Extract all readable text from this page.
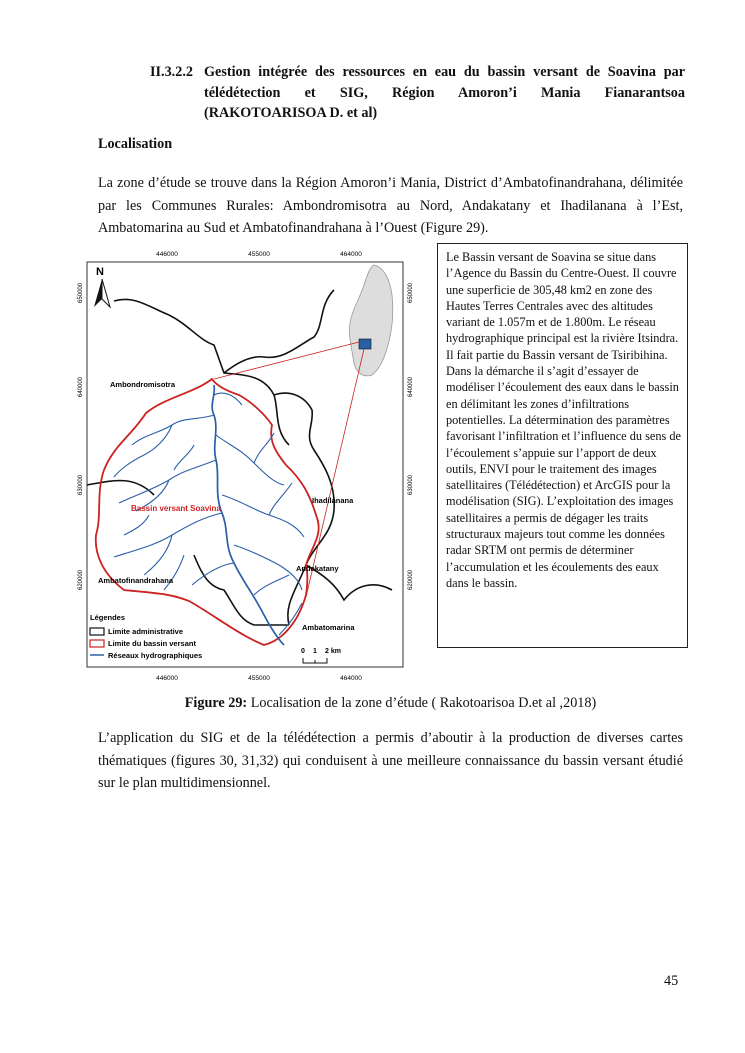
II.3.2.2 Gestion intégrée des ressources en eau du bassin versant de Soavina par télédétection et SIG, Région Amoron’i Mania Fianarantsoa (RAKOTOARISOA D. et al)
Localisation
La zone d’étude se trouve dans la Région Amoron’i Mania, District d’Ambatofinandrahana, délimitée par les Communes Rurales: Ambondromisotra au Nord, Andakatany et Ihadilanana à l’Est, Ambatomarina au Sud et Ambatofinandrahana à l’Ouest (Figure 29).
446000	455000	464000
446000	455000	464000
650000
640000
630000
620000
650000
640000
630000
620000
N
Ambondromisotra
Ihadilanana
Andakatany
Ambatofinandrahana
Ambatomarina
Bassin versant Soavina
Légendes
Limite administrative
Limite du bassin versant
Réseaux hydrographiques	0 1 2 km

Le Bassin versant de Soavina se situe dans l’Agence du Bassin du Centre-Ouest. Il couvre une superficie de 305,48 km2 en zone des Hautes Terres Centrales avec des altitudes variant de 1.057m et de 1.800m. Le réseau hydrographique principal est la rivière Itsindra. Il fait partie du Bassin versant de Tsiribihina.

Dans la démarche il s’agit d’essayer de modéliser l’écoulement des eaux dans le bassin en délimitant les zones d’infiltrations potentielles. La détermination des paramètres favorisant l’infiltration et l’influence du sens de l’écoulement s’appuie sur l’apport de deux outils, ENVI pour le traitement des images satellitaires (Télédétection) et ArcGIS pour la modélisation (SIG). L’exploitation des images satellitaires a permis de dégager les traits structuraux majeurs tout comme les données radar SRTM ont permis de déterminer l’accumulation et les écoulements des eaux dans le bassin.

Figure 29: Localisation de la zone d’étude ( Rakotoarisoa D.et al ,2018)
L’application du SIG et de la télédétection a permis d’aboutir à la production de diverses cartes thématiques (figures 30, 31,32) qui conduisent à une meilleure connaissance du bassin versant étudié sur le plan multidimensionnel.
45
